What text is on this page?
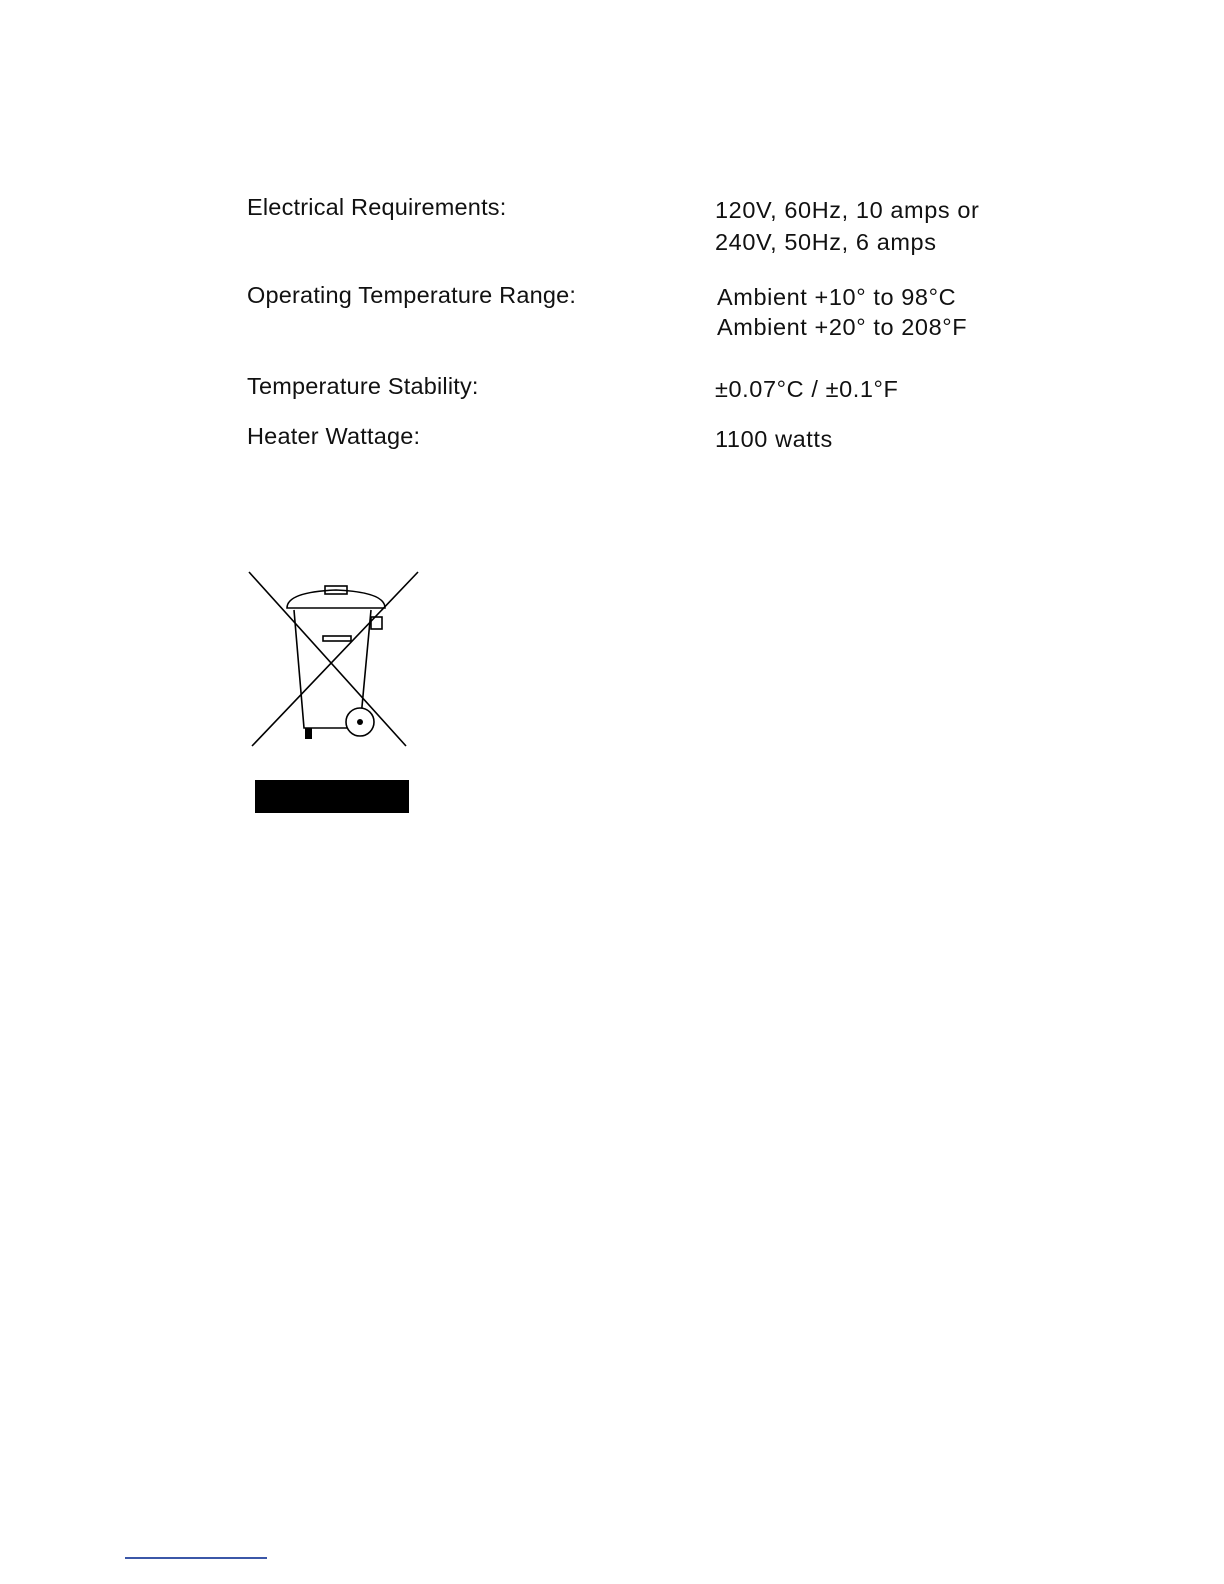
Electrical Requirements:	120V, 60Hz, 10 amps or
240V, 50Hz, 6 amps
Operating Temperature Range:	Ambient +10° to 98°C
Ambient +20° to 208°F
Temperature Stability:	±0.07°C / ±0.1°F
Heater Wattage:	1100 watts
